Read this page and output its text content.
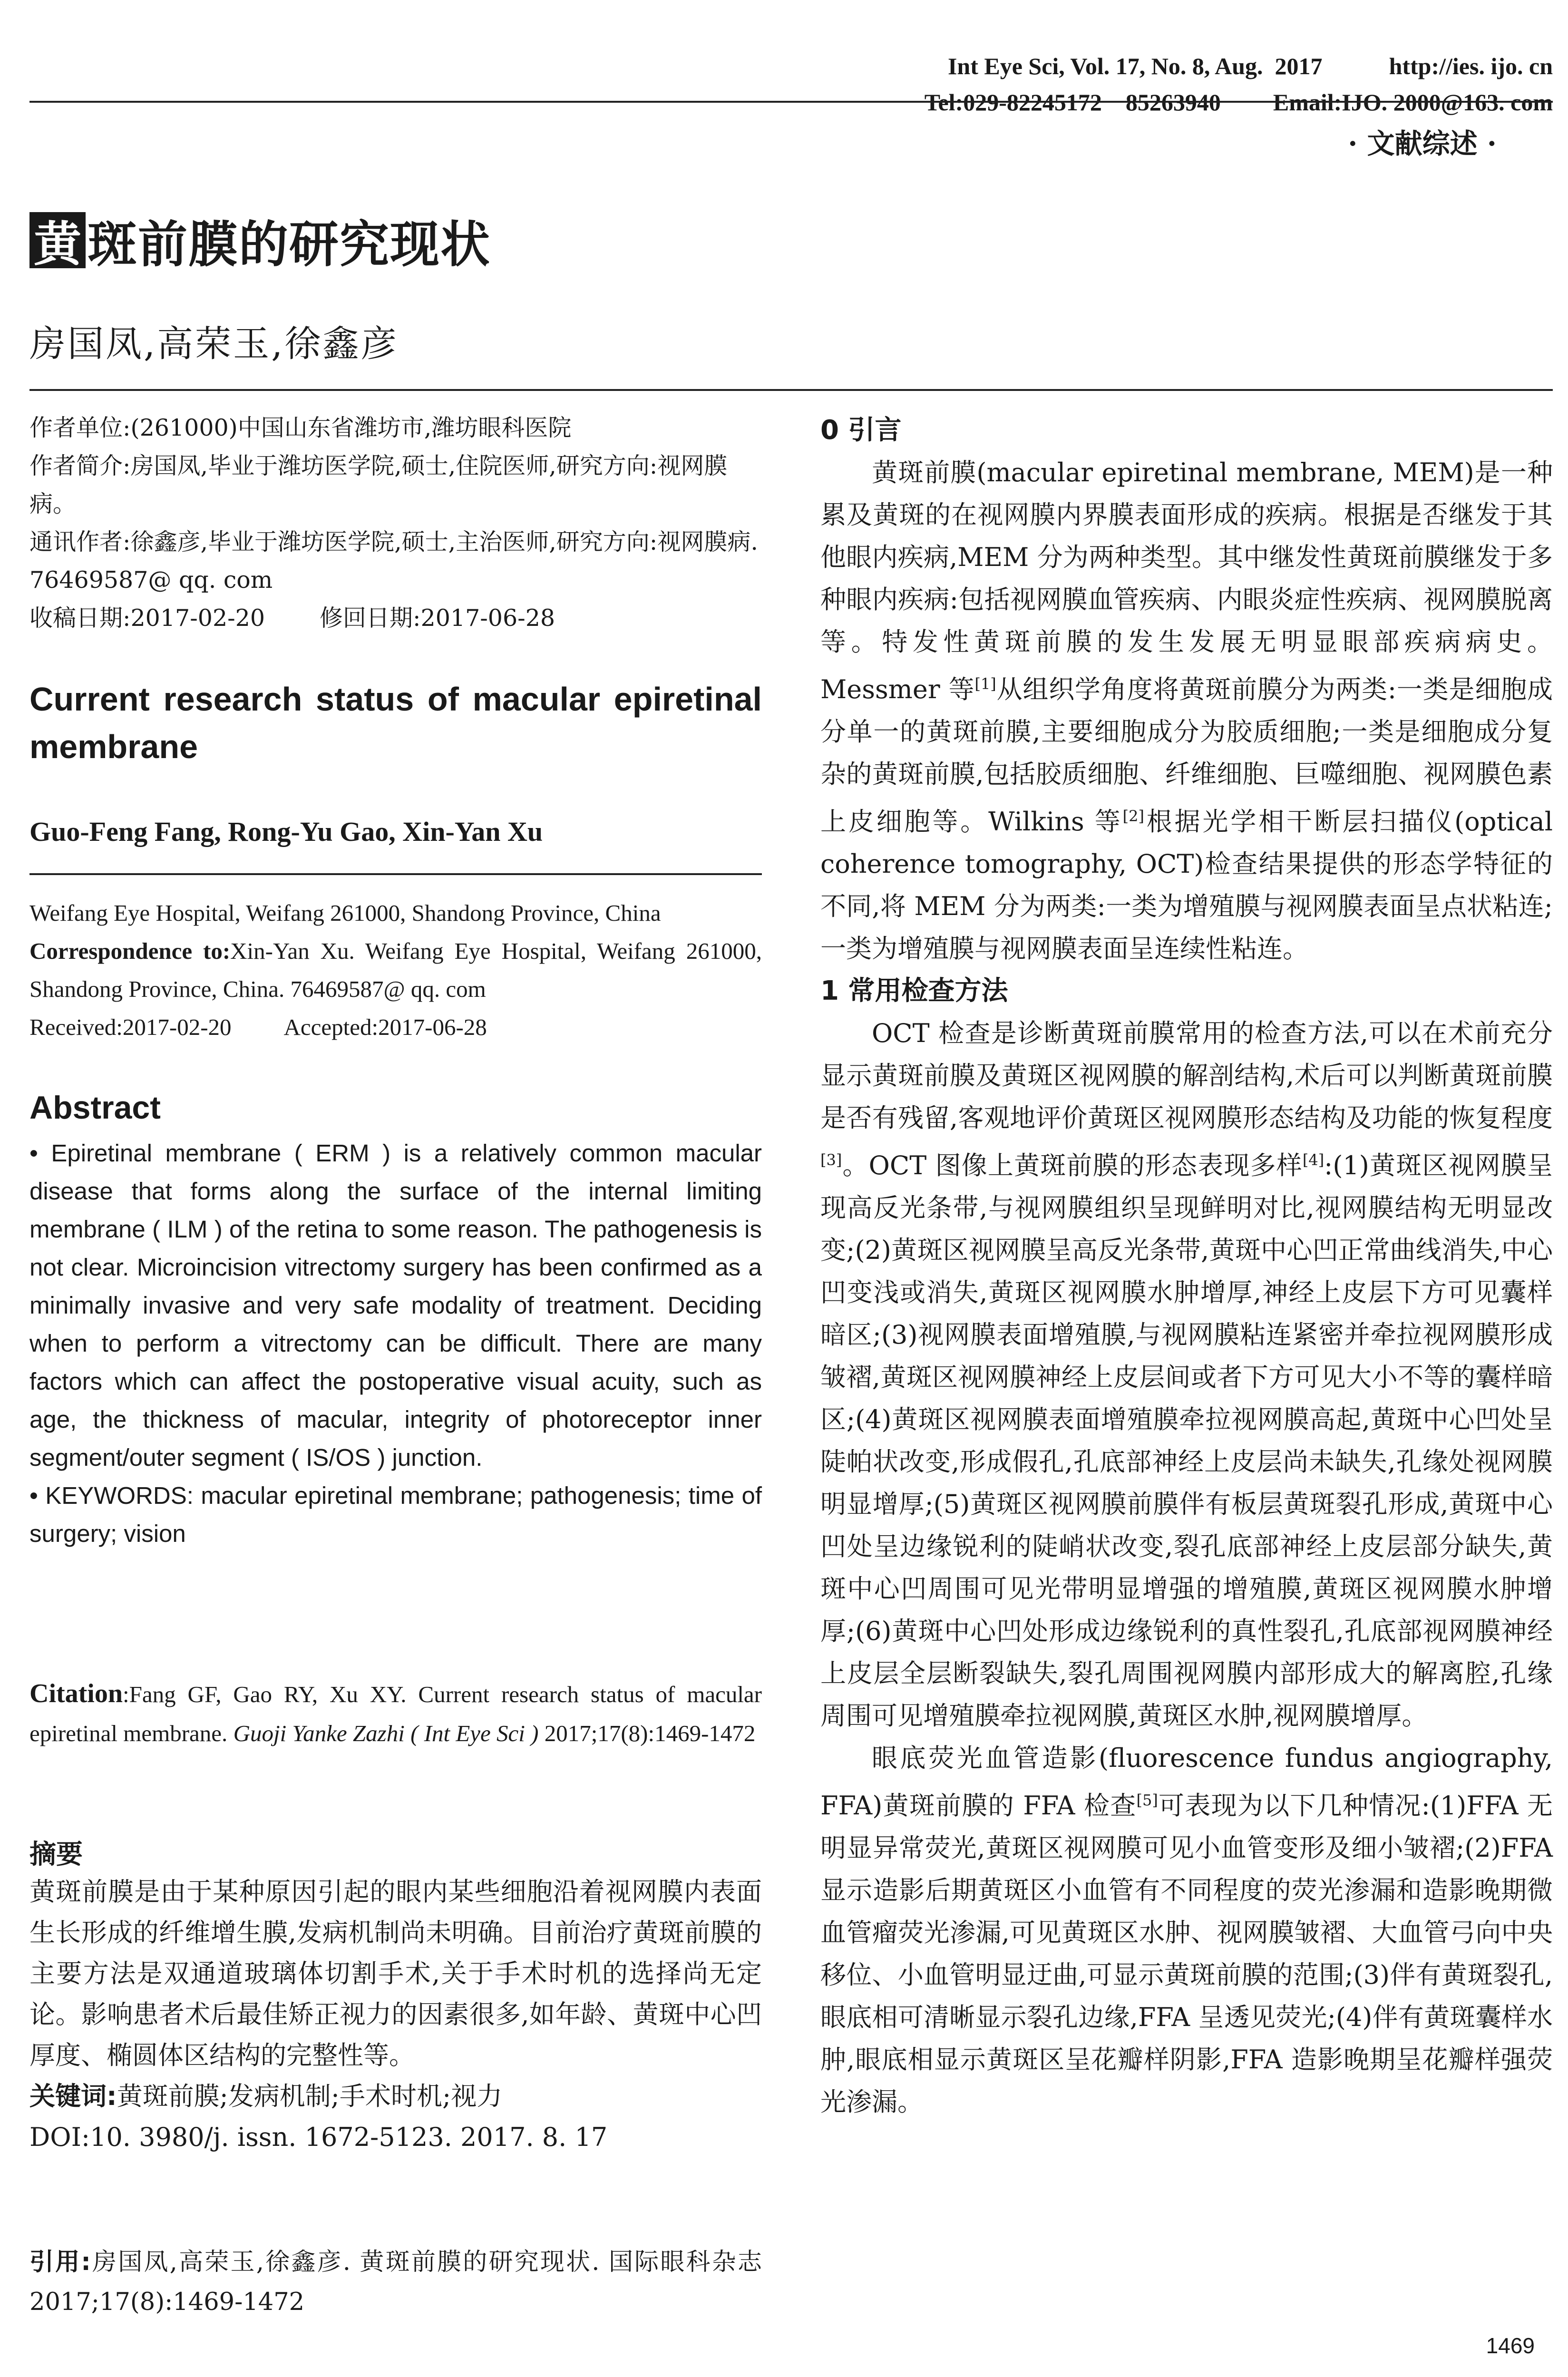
Int Eye Sci, Vol. 17, No. 8, Aug.  2017	http://ies. ijo. cn

Tel:029-82245172    85263940 Email:IJO. 2000@163. com

· 文献综述 ·
黄 斑前膜的研究现状
房国凤,高荣玉,徐鑫彦

作者单位:(261000)中国山东省潍坊市,潍坊眼科医院

作者简介:房国凤,毕业于潍坊医学院,硕士,住院医师,研究方向:视网膜病。

通讯作者:徐鑫彦,毕业于潍坊医学院,硕士,主治医师,研究方向:视网膜病. 76469587@ qq. com

收稿日期:2017-02-20 修回日期:2017-06-28

Current research status of macular epiretinal membrane
Guo-Feng Fang, Rong-Yu Gao, Xin-Yan Xu

Weifang Eye Hospital, Weifang 261000, Shandong Province, China

Correspondence to:Xin-Yan Xu. Weifang Eye Hospital, Weifang 261000, Shandong Province, China. 76469587@ qq. com

Received:2017-02-20 Accepted:2017-06-28

Abstract

• Epiretinal membrane ( ERM ) is a relatively common macular disease that forms along the surface of the internal limiting membrane ( ILM ) of the retina to some reason. The pathogenesis is not clear. Microincision vitrectomy surgery has been confirmed as a minimally invasive and very safe modality of treatment. Deciding when to perform a vitrectomy can be difficult. There are many factors which can affect the postoperative visual acuity, such as age, the thickness of macular, integrity of photoreceptor inner segment/outer segment ( IS/OS ) junction.

• KEYWORDS: macular epiretinal membrane; pathogenesis; time of surgery; vision

Citation:Fang GF, Gao RY, Xu XY. Current research status of macular epiretinal membrane. Guoji Yanke Zazhi ( Int Eye Sci ) 2017;17(8):1469-1472
摘要

黄斑前膜是由于某种原因引起的眼内某些细胞沿着视网膜内表面生长形成的纤维增生膜,发病机制尚未明确。目前治疗黄斑前膜的主要方法是双通道玻璃体切割手术,关于手术时机的选择尚无定论。影响患者术后最佳矫正视力的因素很多,如年龄、黄斑中心凹厚度、椭圆体区结构的完整性等。

关键词:黄斑前膜;发病机制;手术时机;视力

DOI:10. 3980/j. issn. 1672-5123. 2017. 8. 17

引用:房国凤,高荣玉,徐鑫彦. 黄斑前膜的研究现状. 国际眼科杂志 2017;17(8):1469-1472
0 引言

黄斑前膜(macular epiretinal membrane, MEM)是一种累及黄斑的在视网膜内界膜表面形成的疾病。根据是否继发于其他眼内疾病,MEM 分为两种类型。其中继发性黄斑前膜继发于多种眼内疾病:包括视网膜血管疾病、内眼炎症性疾病、视网膜脱离等。特发性黄斑前膜的发生发展无明显眼部疾病病史。Messmer 等[1]从组织学角度将黄斑前膜分为两类:一类是细胞成分单一的黄斑前膜,主要细胞成分为胶质细胞;一类是细胞成分复杂的黄斑前膜,包括胶质细胞、纤维细胞、巨噬细胞、视网膜色素上皮细胞等。Wilkins 等[2]根据光学相干断层扫描仪(optical coherence tomography, OCT)检查结果提供的形态学特征的不同,将 MEM 分为两类:一类为增殖膜与视网膜表面呈点状粘连;一类为增殖膜与视网膜表面呈连续性粘连。

1 常用检查方法

OCT 检查是诊断黄斑前膜常用的检查方法,可以在术前充分显示黄斑前膜及黄斑区视网膜的解剖结构,术后可以判断黄斑前膜是否有残留,客观地评价黄斑区视网膜形态结构及功能的恢复程度[3]。OCT 图像上黄斑前膜的形态表现多样[4]:(1)黄斑区视网膜呈现高反光条带,与视网膜组织呈现鲜明对比,视网膜结构无明显改变;(2)黄斑区视网膜呈高反光条带,黄斑中心凹正常曲线消失,中心凹变浅或消失,黄斑区视网膜水肿增厚,神经上皮层下方可见囊样暗区;(3)视网膜表面增殖膜,与视网膜粘连紧密并牵拉视网膜形成皱褶,黄斑区视网膜神经上皮层间或者下方可见大小不等的囊样暗区;(4)黄斑区视网膜表面增殖膜牵拉视网膜高起,黄斑中心凹处呈陡帕状改变,形成假孔,孔底部神经上皮层尚未缺失,孔缘处视网膜明显增厚;(5)黄斑区视网膜前膜伴有板层黄斑裂孔形成,黄斑中心凹处呈边缘锐利的陡峭状改变,裂孔底部神经上皮层部分缺失,黄斑中心凹周围可见光带明显增强的增殖膜,黄斑区视网膜水肿增厚;(6)黄斑中心凹处形成边缘锐利的真性裂孔,孔底部视网膜神经上皮层全层断裂缺失,裂孔周围视网膜内部形成大的解离腔,孔缘周围可见增殖膜牵拉视网膜,黄斑区水肿,视网膜增厚。

眼底荧光血管造影(fluorescence fundus angiography, FFA)黄斑前膜的 FFA 检查[5]可表现为以下几种情况:(1)FFA 无明显异常荧光,黄斑区视网膜可见小血管变形及细小皱褶;(2)FFA 显示造影后期黄斑区小血管有不同程度的荧光渗漏和造影晚期微血管瘤荧光渗漏,可见黄斑区水肿、视网膜皱褶、大血管弓向中央移位、小血管明显迂曲,可显示黄斑前膜的范围;(3)伴有黄斑裂孔,眼底相可清晰显示裂孔边缘,FFA 呈透见荧光;(4)伴有黄斑囊样水肿,眼底相显示黄斑区呈花瓣样阴影,FFA 造影晚期呈花瓣样强荧光渗漏。

1469
